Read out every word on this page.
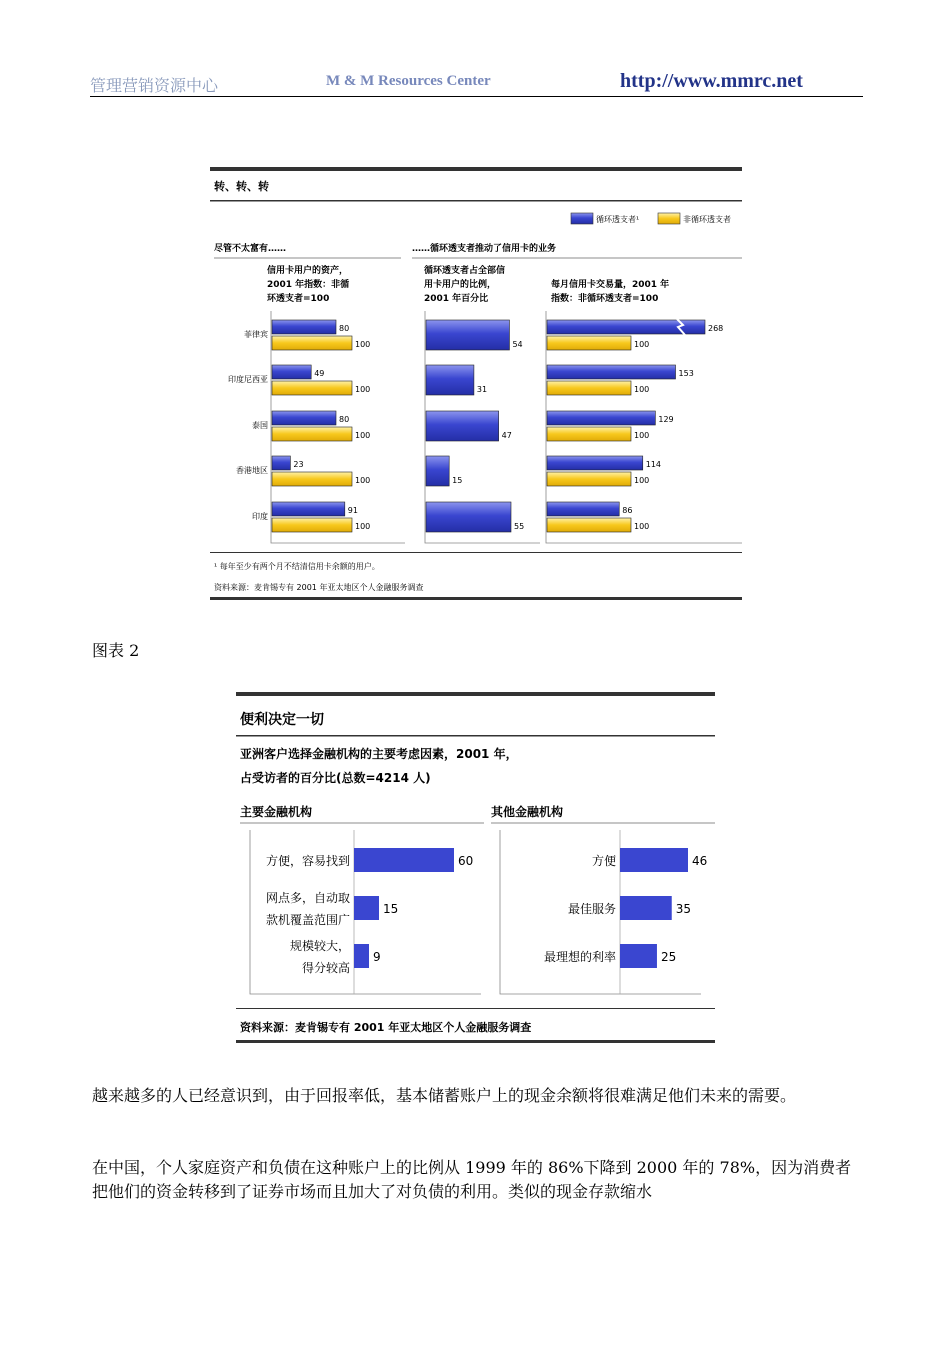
管理营销资源中心	M & M Resources Center	http://www.mmrc.net
转、转、转
循环透支者¹	非循环透支者
尽管不太富有……	……循环透支者推动了信用卡的业务
信用卡用户的资产，
2001 年指数：非循
环透支者=100
循环透支者占全部信
用卡用户的比例，
2001 年百分比
每月信用卡交易量，2001 年
指数：非循环透支者=100
菲律宾
印度尼西亚
泰国
香港地区
印度
80
100
49
100
80
100
23
100
91
100
54
31
47
15
55
268
100
153
100
129
100
114
100
86
100
¹ 每年至少有两个月不结清信用卡余额的用户。
资料来源：麦肯锡专有 2001 年亚太地区个人金融服务调查
图表 2
便利决定一切
亚洲客户选择金融机构的主要考虑因素，2001 年，
占受访者的百分比(总数=4214 人)
主要金融机构	其他金融机构
60
方便，容易找到
15
网点多，自动取
款机覆盖范围广
9
规模较大，
得分较高
46
方便
35
最佳服务
25
最理想的利率
资料来源：麦肯锡专有 2001 年亚太地区个人金融服务调查

越来越多的人已经意识到，由于回报率低，基本储蓄账户上的现金余额将很难满足他们未来的需要。

在中国，个人家庭资产和负债在这种账户上的比例从 1999 年的 86%下降到 2000 年的 78%，因为消费者把他们的资金转移到了证券市场而且加大了对负债的利用。类似的现金存款缩水
